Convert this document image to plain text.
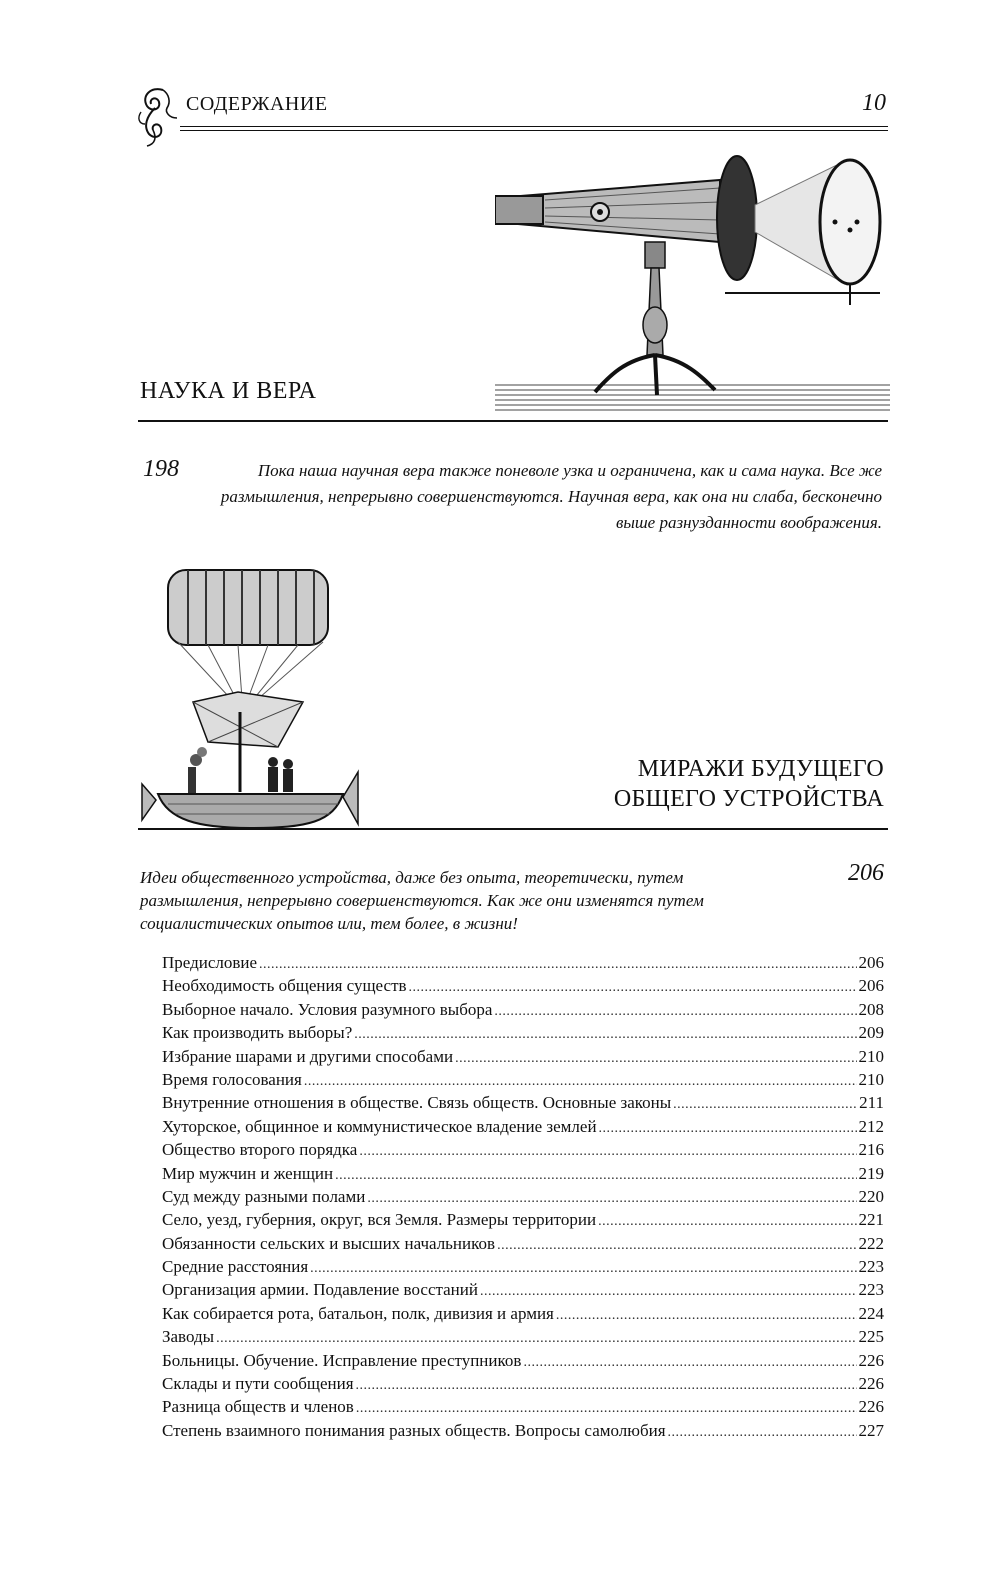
СОДЕРЖАНИЕ	10
НАУКА И ВЕРА
198	Пока наша научная вера также поневоле узка и ограничена, как и сама наука. Все же размышления, непрерывно совершенствуются. Научная вера, как она ни слаба, бесконечно выше разнузданности воображения.
МИРАЖИ БУДУЩЕГО
ОБЩЕГО УСТРОЙСТВА
Идеи общественного устройства, даже без опыта, теоретически, путем размышления, непрерывно совершенствуются. Как же они изменятся путем социалистических опытов или, тем более, в жизни!
206
Предисловие .....	206
Необходимость общения существ .....	206
Выборное начало. Условия разумного выбора .....	208
Как производить выборы? .....	209
Избрание шарами и другими способами .....	210
Время голосования .....	210
Внутренние отношения в обществе. Связь обществ. Основные законы .....	211
Хуторское, общинное и коммунистическое владение землей .....	212
Общество второго порядка .....	216
Мир мужчин и женщин .....	219
Суд между разными полами .....	220
Село, уезд, губерния, округ, вся Земля. Размеры территории .....	221
Обязанности сельских и высших начальников .....	222
Средние расстояния .....	223
Организация армии. Подавление восстаний .....	223
Как собирается рота, батальон, полк, дивизия и армия .....	224
Заводы .....	225
Больницы. Обучение. Исправление преступников .....	226
Склады и пути сообщения .....	226
Разница обществ и членов .....	226
Степень взаимного понимания разных обществ. Вопросы самолюбия .....	227
